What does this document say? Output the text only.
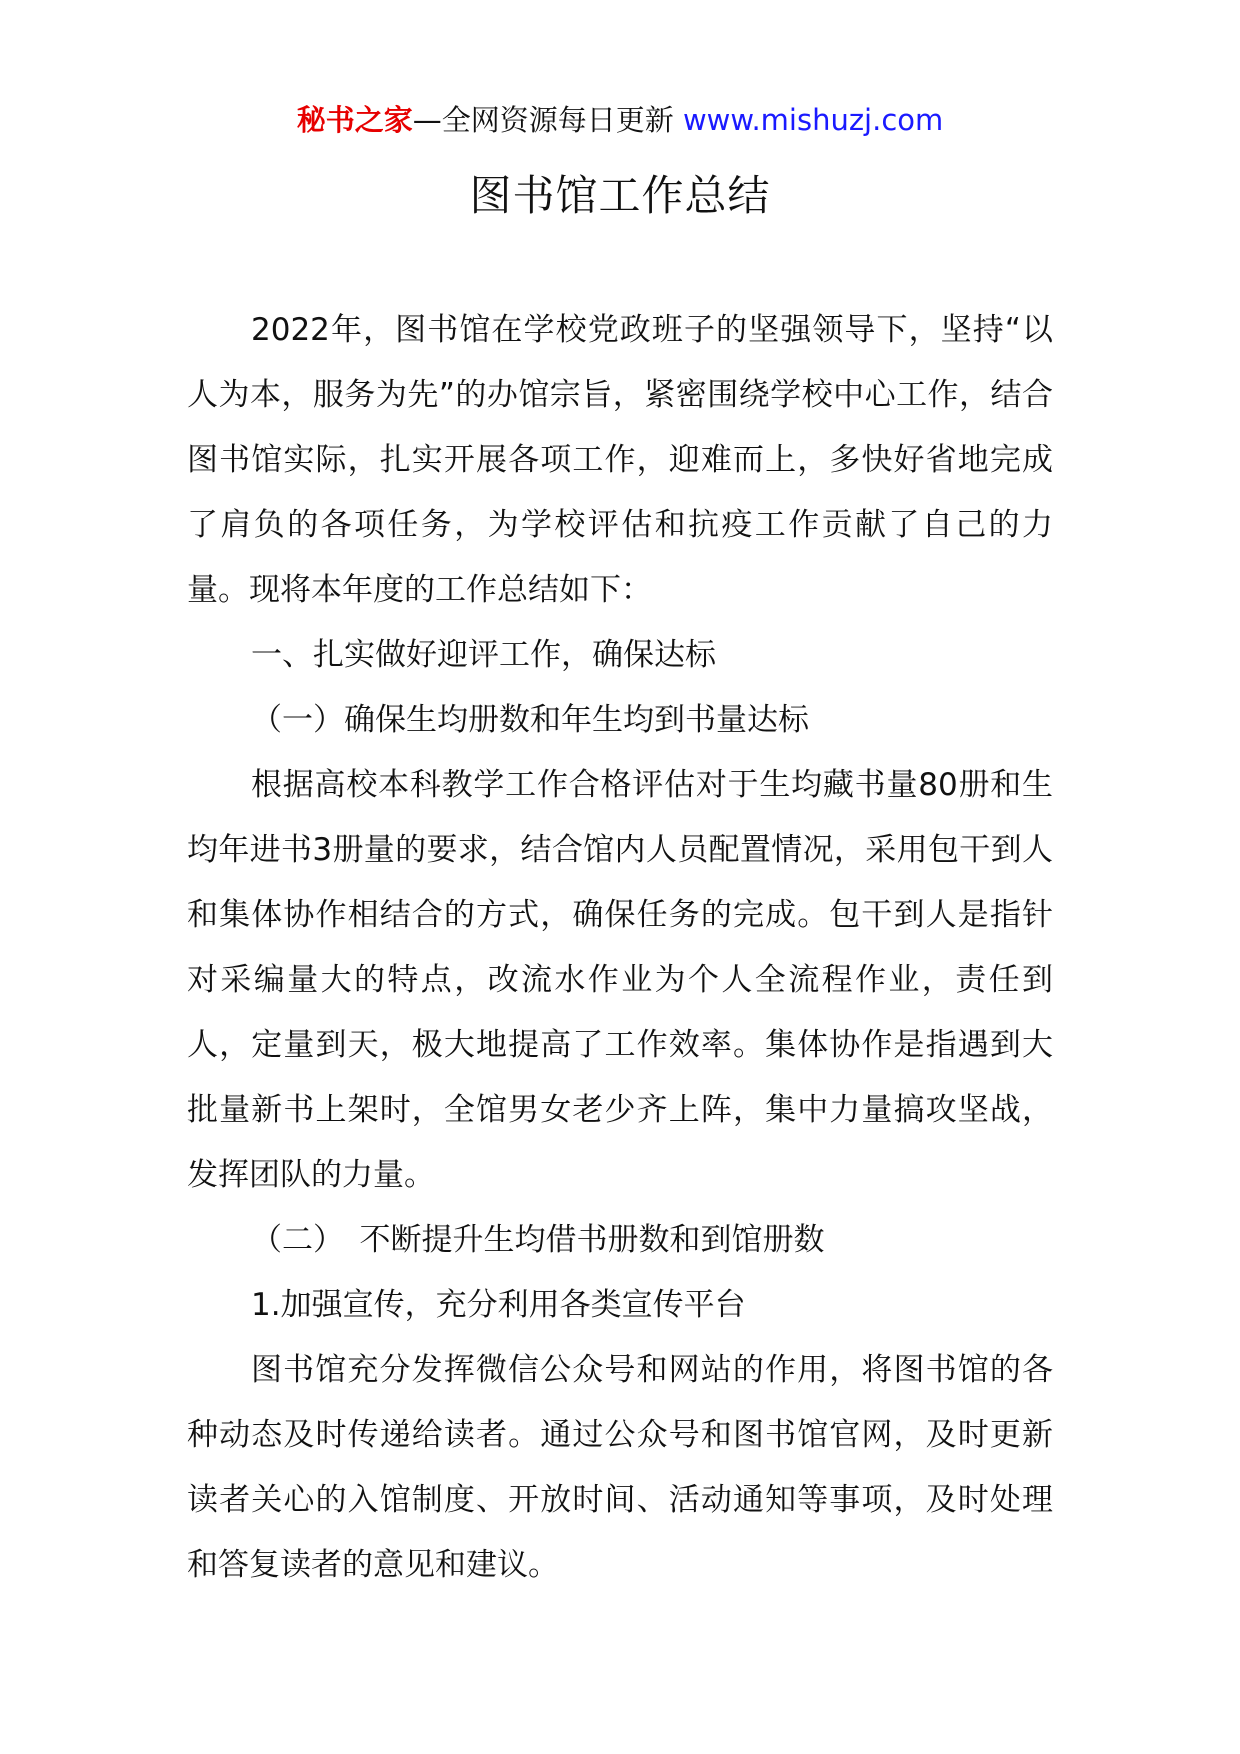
秘书之家—全网资源每日更新 www.mishuzj.com
图书馆工作总结

2022年，图书馆在学校党政班子的坚强领导下，坚持“以人为本，服务为先”的办馆宗旨，紧密围绕学校中心工作，结合图书馆实际，扎实开展各项工作，迎难而上，多快好省地完成了肩负的各项任务，为学校评估和抗疫工作贡献了自己的力量。现将本年度的工作总结如下：

一、扎实做好迎评工作，确保达标

（一）确保生均册数和年生均到书量达标

根据高校本科教学工作合格评估对于生均藏书量80册和生均年进书3册量的要求，结合馆内人员配置情况，采用包干到人和集体协作相结合的方式，确保任务的完成。包干到人是指针对采编量大的特点，改流水作业为个人全流程作业，责任到人，定量到天，极大地提高了工作效率。集体协作是指遇到大批量新书上架时，全馆男女老少齐上阵，集中力量搞攻坚战，发挥团队的力量。

（二）　不断提升生均借书册数和到馆册数

1.加强宣传，充分利用各类宣传平台

图书馆充分发挥微信公众号和网站的作用，将图书馆的各种动态及时传递给读者。通过公众号和图书馆官网，及时更新读者关心的入馆制度、开放时间、活动通知等事项，及时处理和答复读者的意见和建议。
